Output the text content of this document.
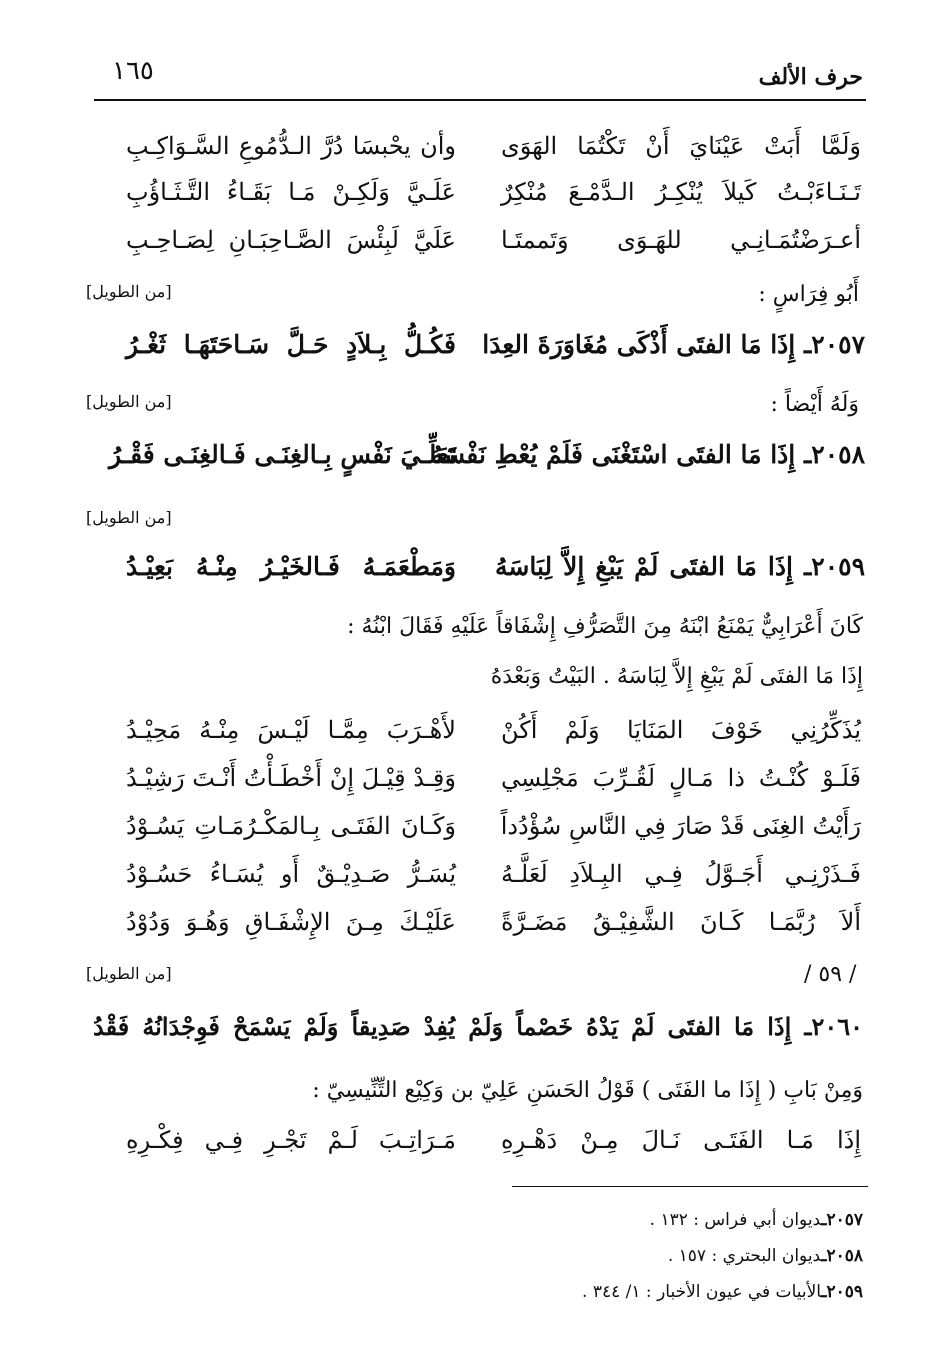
حرف الألف
١٦٥
وَلَمَّا أَبَتْ عَيْنَايَ أَنْ تَكْتُمَا الهَوَى
وأن يحْبسَا دُرَّ الـدُّمُوعِ السَّـوَاكِـبِ
تَـنَـاءَبْـتُ كَيلاَ يُنْكِـرُ الـدَّمْـعَ مُنْكِرٌ
عَلَـيَّ وَلَكِـنْ مَـا بَقَـاءُ التَّـثَـاؤُبِ
أعـرَضْتُمَـانِـي للهَـوَى وَتَممتَـا
عَلَيَّ لَبِئْسَ الصَّـاحِبَـانِ لِصَـاحِـبِ
أَبُو فِرَاسٍ :
[من الطويل]
٢٠٥٧ـ إِذَا مَا الفتَى أَذْكَى مُغَاوَرَةَ العِدَا
فَكُـلُّ بِـلاَدٍ حَـلَّ سَـاحَتَهَـا ثَغْـرُ
وَلَهُ أَيْضاً :
[من الطويل]
٢٠٥٨ـ إِذَا مَا الفتَى اسْتَغْنَى فَلَمْ يُعْطِ نَفْسَهُ
تَعَلِّـيَ نَفْسٍ بِـالغِنَـى فَـالغِنَـى فَقْـرُ
[من الطويل]
٢٠٥٩ـ إِذَا مَا الفتَى لَمْ يَبْغِ إِلاَّ لِبَاسَهُ
وَمَطْعَمَـهُ فَـالخَيْـرُ مِنْـهُ بَعِيْـدُ
كَانَ أَعْرَابِيٌّ يَمْنَعُ ابْنَهُ مِنَ التَّصَرُّفِ إِشْفَاقاً عَلَيْهِ فَقَالَ ابْنُهُ :
إِذَا مَا الفتَى لَمْ يَبْغِ إِلاَّ لِبَاسَهُ . البَيْتُ وَبَعْدَهُ
يُذَكِّرُنِي خَوْفَ المَنَايَا وَلَمْ أَكُنْ
لأَهْـرَبَ مِمَّـا لَيْـسَ مِنْـهُ مَحِيْـدُ
فَلَـوْ كُنْـتُ ذا مَـالٍ لَقُـرِّبَ مَجْلِسِي
وَقِـدْ قِيْـلَ إِنْ أَخْطَـأْتُ أَنْـتَ رَشِيْـدُ
رَأَيْتُ الغِنَى قَدْ صَارَ فِي النَّاسِ سُؤْدُداً
وَكَـانَ الفَتَـى بِـالمَكْـرُمَـاتِ يَسُـوْدُ
فَـذَرْنِـي أَجَـوَّلُ فِـي البِـلاَدِ لَعَلَّـهُ
يُسَـرُّ صَـدِيْـقٌ أَو يُسَـاءُ حَسُـوْدُ
أَلاَ رُبَّمَـا كَـانَ الشَّفِيْـقُ مَضَـرَّةً
عَلَيْـكَ مِـنَ الإِشْفَـاقِ وَهُـوَ وَدُوْدُ
/ ٥٩ /
[من الطويل]
٢٠٦٠ـ إِذَا مَا الفتَى لَمْ يَدْهُ خَصْماً وَلَمْ يُفِدْ صَدِيقاً وَلَمْ يَسْمَحْ فَوِجْدَانُهُ فَقْدُ
وَمِنْ بَابِ ( إِذَا ما الفَتَى ) قَوْلُ الحَسَنِ عَلِيّ بن وَكِيْع التِّنِّيسِيّ :
إِذَا مَـا الفَتَـى نَـالَ مِـنْ دَهْـرِهِ
مَـرَاتِـبَ لَـمْ تَجْـرِ فِـي فِكْـرِهِ
٢٠٥٧ـديوان أبي فراس : ١٣٢ .
٢٠٥٨ـديوان البحتري : ١٥٧ .
٢٠٥٩ـالأبيات في عيون الأخبار : ١/ ٣٤٤ .
